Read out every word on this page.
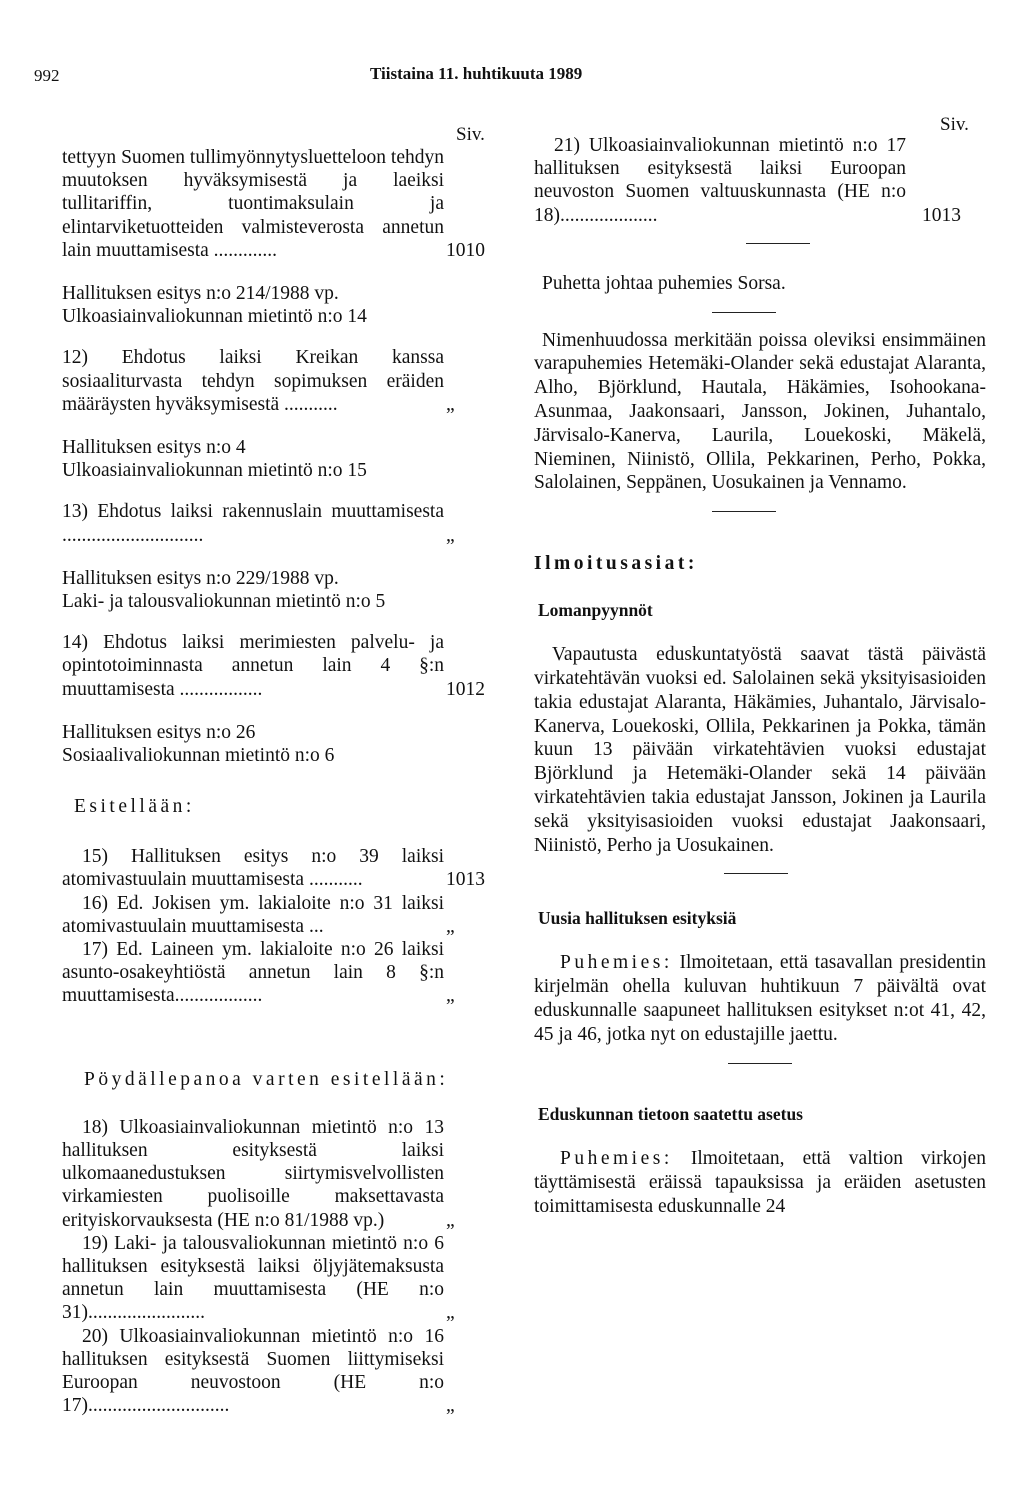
992	Tiistaina 11. huhtikuuta 1989
Siv.	Siv.
tettyyn Suomen tullimyönnytysluetteloon tehdyn muutoksen hyväksymisestä ja laeiksi tullitariffin, tuontimaksulain ja elintarviketuotteiden valmisteverosta annetun lain muuttamisesta .............	1010
Hallituksen esitys n:o 214/1988 vp.
Ulkoasiainvaliokunnan mietintö n:o 14
12) Ehdotus laiksi Kreikan kanssa sosiaaliturvasta tehdyn sopimuksen eräiden määräysten hyväksymisestä ...........	„
Hallituksen esitys n:o 4
Ulkoasiainvaliokunnan mietintö n:o 15
13) Ehdotus laiksi rakennuslain muuttamisesta .............................	„
Hallituksen esitys n:o 229/1988 vp.
Laki- ja talousvaliokunnan mietintö n:o 5
14) Ehdotus laiksi merimiesten palvelu- ja opintotoiminnasta annetun lain 4 §:n muuttamisesta .................	1012
Hallituksen esitys n:o 26
Sosiaalivaliokunnan mietintö n:o 6
Esitellään:
15) Hallituksen esitys n:o 39 laiksi atomivastuulain muuttamisesta ...........	1013
16) Ed. Jokisen ym. lakialoite n:o 31 laiksi atomivastuulain muuttamisesta ...	„
17) Ed. Laineen ym. lakialoite n:o 26 laiksi asunto-osakeyhtiöstä annetun lain 8 §:n muuttamisesta..................	„
Pöydällepanoa varten esitellään:
18) Ulkoasiainvaliokunnan mietintö n:o 13 hallituksen esityksestä laiksi ulkomaanedustuksen siirtymisvelvollisten virkamiesten puolisoille maksettavasta erityiskorvauksesta (HE n:o 81/1988 vp.)	„
19) Laki- ja talousvaliokunnan mietintö n:o 6 hallituksen esityksestä laiksi öljyjätemaksusta annetun lain muuttamisesta (HE n:o 31)........................	„
20) Ulkoasiainvaliokunnan mietintö n:o 16 hallituksen esityksestä Suomen liittymiseksi Euroopan neuvostoon (HE n:o 17).............................	„
21) Ulkoasiainvaliokunnan mietintö n:o 17 hallituksen esityksestä laiksi Euroopan neuvoston Suomen valtuuskunnasta (HE n:o 18)....................	1013
Puhetta johtaa puhemies Sorsa.
Nimenhuudossa merkitään poissa oleviksi ensimmäinen varapuhemies Hetemäki-Olander sekä edustajat Alaranta, Alho, Björklund, Hautala, Häkämies, Isohookana-Asunmaa, Jaakonsaari, Jansson, Jokinen, Juhantalo, Järvisalo-Kanerva, Laurila, Louekoski, Mäkelä, Nieminen, Niinistö, Ollila, Pekkarinen, Perho, Pokka, Salolainen, Seppänen, Uosukainen ja Vennamo.
Ilmoitusasiat:
Lomanpyynnöt
Vapautusta eduskuntatyöstä saavat tästä päivästä virkatehtävän vuoksi ed. Salolainen sekä yksityisasioiden takia edustajat Alaranta, Häkämies, Juhantalo, Järvisalo-Kanerva, Louekoski, Ollila, Pekkarinen ja Pokka, tämän kuun 13 päivään virkatehtävien vuoksi edustajat Björklund ja Hetemäki-Olander sekä 14 päivään virkatehtävien takia edustajat Jansson, Jokinen ja Laurila sekä yksityisasioiden vuoksi edustajat Jaakonsaari, Niinistö, Perho ja Uosukainen.
Uusia hallituksen esityksiä
Puhemies: Ilmoitetaan, että tasavallan presidentin kirjelmän ohella kuluvan huhtikuun 7 päivältä ovat eduskunnalle saapuneet hallituksen esitykset n:ot 41, 42, 45 ja 46, jotka nyt on edustajille jaettu.
Eduskunnan tietoon saatettu asetus
Puhemies: Ilmoitetaan, että valtion virkojen täyttämisestä eräissä tapauksissa ja eräiden asetusten toimittamisesta eduskunnalle 24
